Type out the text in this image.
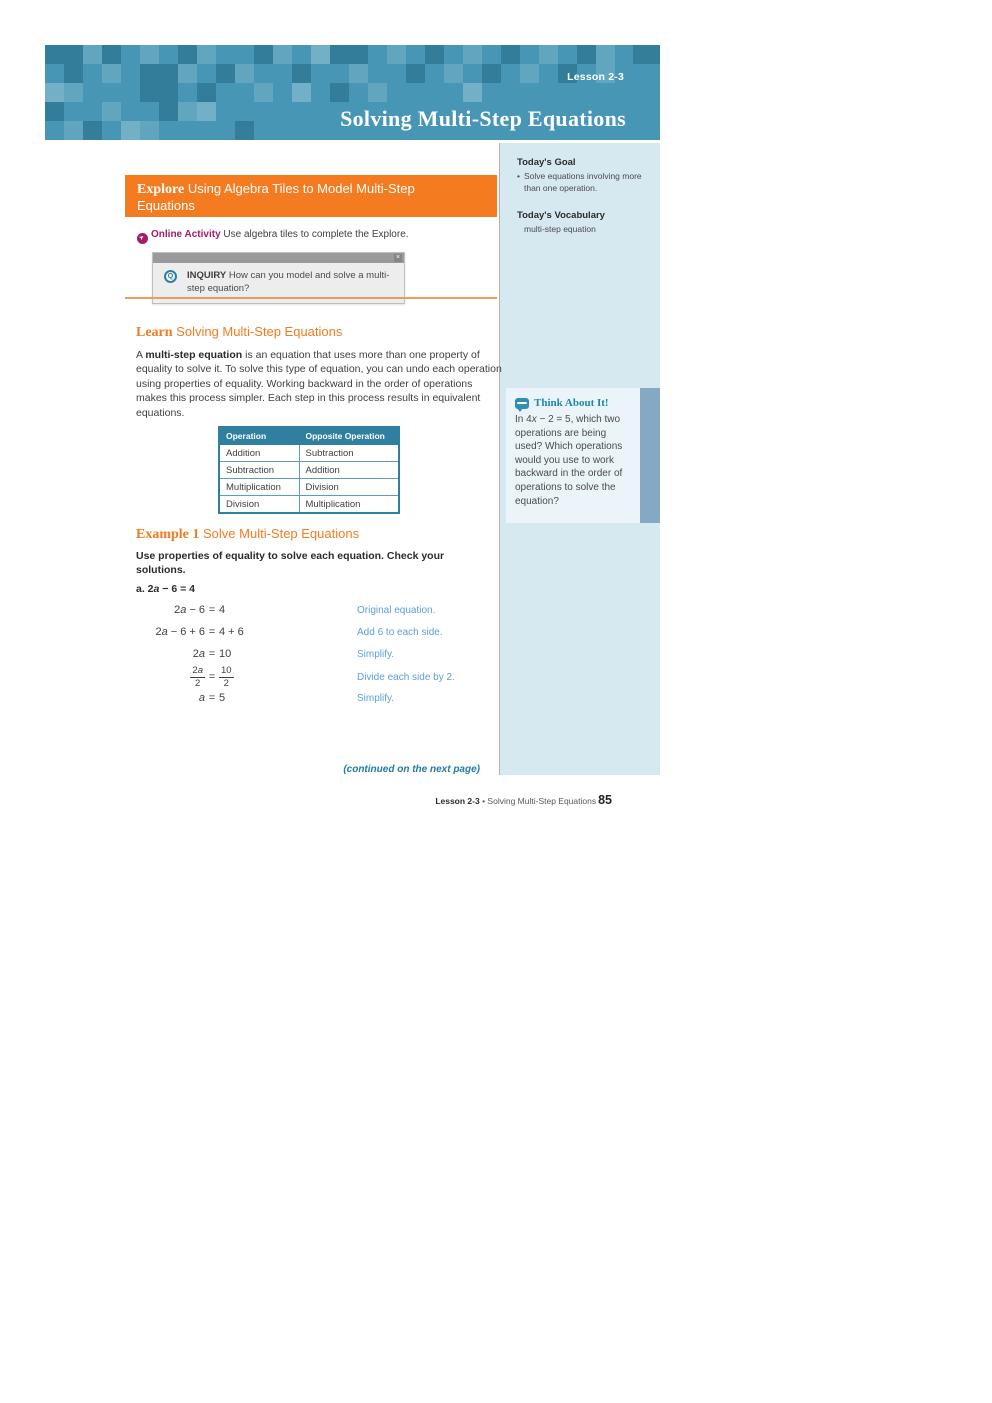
Lesson 2-3
Solving Multi-Step Equations
Today's Goal
• Solve equations involving more than one operation.
Today's Vocabulary
multi-step equation
Think About It!
In 4x − 2 = 5, which two operations are being used? Which operations would you use to work backward in the order of operations to solve the equation?
Explore Using Algebra Tiles to Model Multi-Step Equations
➤ Online Activity Use algebra tiles to complete the Explore.
×
Q	INQUIRY How can you model and solve a multi-step equation?
Learn Solving Multi-Step Equations
A multi-step equation is an equation that uses more than one property of equality to solve it. To solve this type of equation, you can undo each operation using properties of equality. Working backward in the order of operations makes this process simpler. Each step in this process results in equivalent equations.
Operation	Opposite Operation
Addition	Subtraction
Subtraction	Addition
Multiplication	Division
Division	Multiplication
Example 1 Solve Multi-Step Equations
Use properties of equality to solve each equation. Check your solutions.
a. 2a − 6 = 4
2a − 6 = 4	Original equation.
2a − 6 + 6 = 4 + 6	Add 6 to each side.
2a = 10	Simplify.
$\frac{2a}{2} = \frac{10}{2}$	Divide each side by 2.
a = 5	Simplify.
(continued on the next page)
Lesson 2-3 • Solving Multi-Step Equations 85
